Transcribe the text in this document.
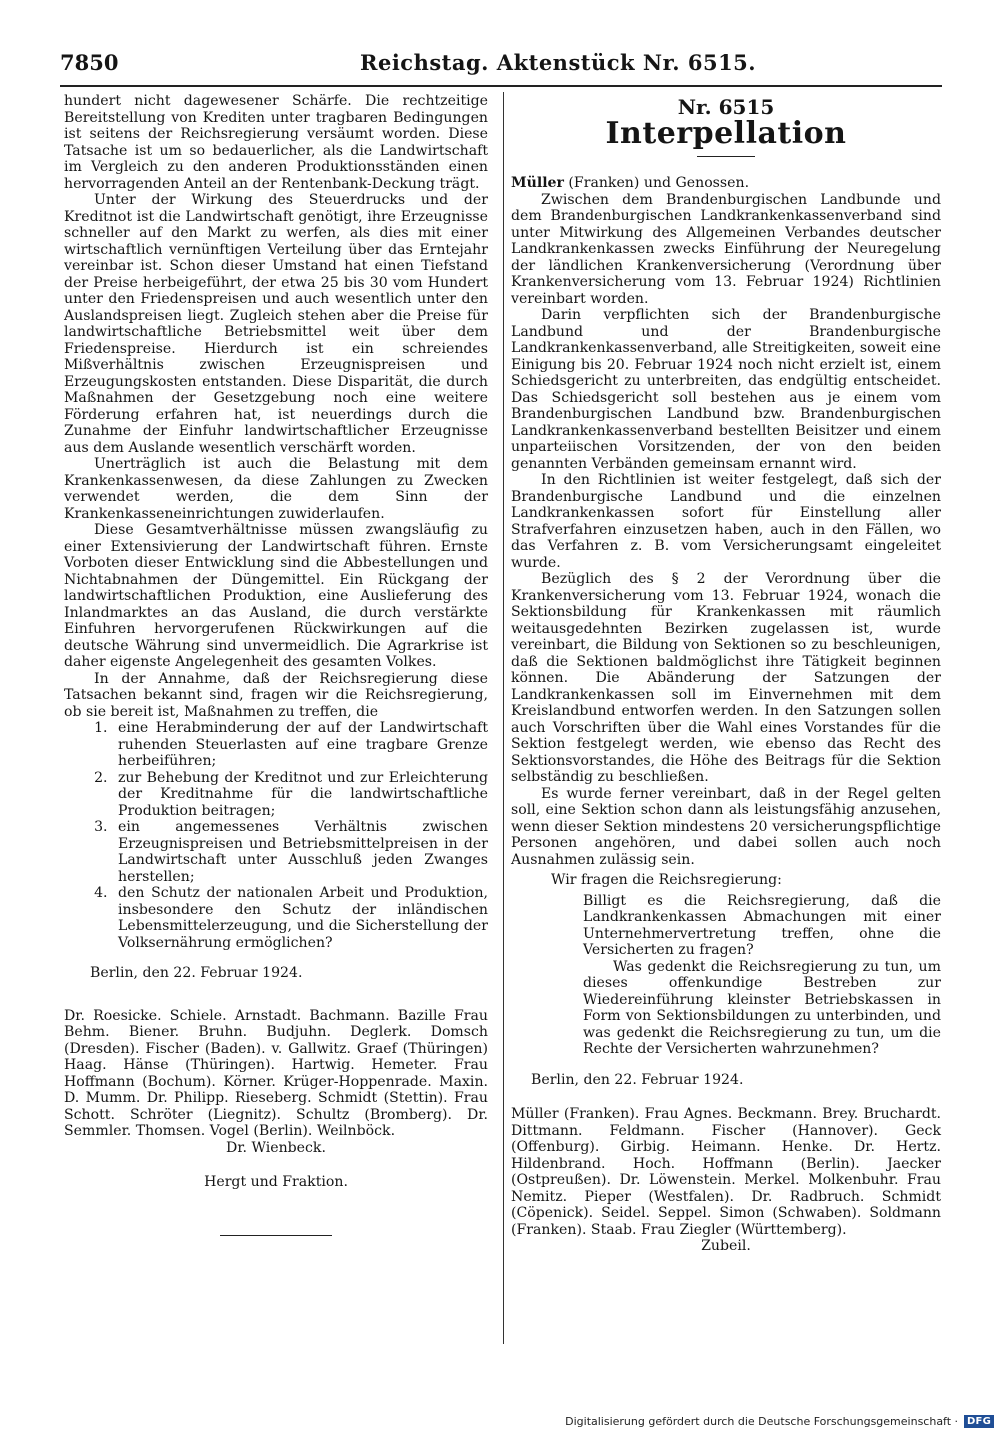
7850	Reichstag. Aktenstück Nr. 6515.

hundert nicht dagewesener Schärfe. Die rechtzeitige Bereitstellung von Krediten unter tragbaren Bedingungen ist seitens der Reichsregierung versäumt worden. Diese Tatsache ist um so bedauerlicher, als die Landwirtschaft im Vergleich zu den anderen Produktionsständen einen hervorragenden Anteil an der Rentenbank-Deckung trägt.

Unter der Wirkung des Steuerdrucks und der Kreditnot ist die Landwirtschaft genötigt, ihre Erzeugnisse schneller auf den Markt zu werfen, als dies mit einer wirtschaftlich vernünftigen Verteilung über das Erntejahr vereinbar ist. Schon dieser Umstand hat einen Tiefstand der Preise herbeigeführt, der etwa 25 bis 30 vom Hundert unter den Friedenspreisen und auch wesentlich unter den Auslandspreisen liegt. Zugleich stehen aber die Preise für landwirtschaftliche Betriebsmittel weit über dem Friedenspreise. Hierdurch ist ein schreiendes Mißverhältnis zwischen Erzeugnispreisen und Erzeugungskosten entstanden. Diese Disparität, die durch Maßnahmen der Gesetzgebung noch eine weitere Förderung erfahren hat, ist neuerdings durch die Zunahme der Einfuhr landwirtschaftlicher Erzeugnisse aus dem Auslande wesentlich verschärft worden.

Unerträglich ist auch die Belastung mit dem Krankenkassenwesen, da diese Zahlungen zu Zwecken verwendet werden, die dem Sinn der Krankenkasseneinrichtungen zuwiderlaufen.

Diese Gesamtverhältnisse müssen zwangsläufig zu einer Extensivierung der Landwirtschaft führen. Ernste Vorboten dieser Entwicklung sind die Abbestellungen und Nichtabnahmen der Düngemittel. Ein Rückgang der landwirtschaftlichen Produktion, eine Auslieferung des Inlandmarktes an das Ausland, die durch verstärkte Einfuhren hervorgerufenen Rückwirkungen auf die deutsche Währung sind unvermeidlich. Die Agrarkrise ist daher eigenste Angelegenheit des gesamten Volkes.

In der Annahme, daß der Reichsregierung diese Tatsachen bekannt sind, fragen wir die Reichsregierung, ob sie bereit ist, Maßnahmen zu treffen, die

1. eine Herabminderung der auf der Landwirtschaft ruhenden Steuerlasten auf eine tragbare Grenze herbeiführen;
2. zur Behebung der Kreditnot und zur Erleichterung der Kreditnahme für die landwirtschaftliche Produktion beitragen;
3. ein angemessenes Verhältnis zwischen Erzeugnispreisen und Betriebsmittelpreisen in der Landwirtschaft unter Ausschluß jeden Zwanges herstellen;
4. den Schutz der nationalen Arbeit und Produktion, insbesondere den Schutz der inländischen Lebensmittelerzeugung, und die Sicherstellung der Volksernährung ermöglichen?

Berlin, den 22. Februar 1924.

Dr. Roesicke. Schiele. Arnstadt. Bachmann. Bazille Frau Behm. Biener. Bruhn. Budjuhn. Deglerk. Domsch (Dresden). Fischer (Baden). v. Gallwitz. Graef (Thüringen) Haag. Hänse (Thüringen). Hartwig. Hemeter. Frau Hoffmann (Bochum). Körner. Krüger-Hoppenrade. Maxin. D. Mumm. Dr. Philipp. Rieseberg. Schmidt (Stettin). Frau Schott. Schröter (Liegnitz). Schultz (Bromberg). Dr. Semmler. Thomsen. Vogel (Berlin). Weilnböck.

Dr. Wienbeck.

Hergt und Fraktion.

Nr. 6515
Interpellation

Müller (Franken) und Genossen.

Zwischen dem Brandenburgischen Landbunde und dem Brandenburgischen Landkrankenkassenverband sind unter Mitwirkung des Allgemeinen Verbandes deutscher Landkrankenkassen zwecks Einführung der Neuregelung der ländlichen Krankenversicherung (Verordnung über Krankenversicherung vom 13. Februar 1924) Richtlinien vereinbart worden.

Darin verpflichten sich der Brandenburgische Landbund und der Brandenburgische Landkrankenkassenverband, alle Streitigkeiten, soweit eine Einigung bis 20. Februar 1924 noch nicht erzielt ist, einem Schiedsgericht zu unterbreiten, das endgültig entscheidet. Das Schiedsgericht soll bestehen aus je einem vom Brandenburgischen Landbund bzw. Brandenburgischen Landkrankenkassenverband bestellten Beisitzer und einem unparteiischen Vorsitzenden, der von den beiden genannten Verbänden gemeinsam ernannt wird.

In den Richtlinien ist weiter festgelegt, daß sich der Brandenburgische Landbund und die einzelnen Landkrankenkassen sofort für Einstellung aller Strafverfahren einzusetzen haben, auch in den Fällen, wo das Verfahren z. B. vom Versicherungsamt eingeleitet wurde.

Bezüglich des § 2 der Verordnung über die Krankenversicherung vom 13. Februar 1924, wonach die Sektionsbildung für Krankenkassen mit räumlich weitausgedehnten Bezirken zugelassen ist, wurde vereinbart, die Bildung von Sektionen so zu beschleunigen, daß die Sektionen baldmöglichst ihre Tätigkeit beginnen können. Die Abänderung der Satzungen der Landkrankenkassen soll im Einvernehmen mit dem Kreislandbund entworfen werden. In den Satzungen sollen auch Vorschriften über die Wahl eines Vorstandes für die Sektion festgelegt werden, wie ebenso das Recht des Sektionsvorstandes, die Höhe des Beitrags für die Sektion selbständig zu beschließen.

Es wurde ferner vereinbart, daß in der Regel gelten soll, eine Sektion schon dann als leistungsfähig anzusehen, wenn dieser Sektion mindestens 20 versicherungspflichtige Personen angehören, und dabei sollen auch noch Ausnahmen zulässig sein.

Wir fragen die Reichsregierung:

Billigt es die Reichsregierung, daß die Landkrankenkassen Abmachungen mit einer Unternehmervertretung treffen, ohne die Versicherten zu fragen?

Was gedenkt die Reichsregierung zu tun, um dieses offenkundige Bestreben zur Wiedereinführung kleinster Betriebskassen in Form von Sektionsbildungen zu unterbinden, und was gedenkt die Reichsregierung zu tun, um die Rechte der Versicherten wahrzunehmen?

Berlin, den 22. Februar 1924.

Müller (Franken). Frau Agnes. Beckmann. Brey. Bruchardt. Dittmann. Feldmann. Fischer (Hannover). Geck (Offenburg). Girbig. Heimann. Henke. Dr. Hertz. Hildenbrand. Hoch. Hoffmann (Berlin). Jaecker (Ostpreußen). Dr. Löwenstein. Merkel. Molkenbuhr. Frau Nemitz. Pieper (Westfalen). Dr. Radbruch. Schmidt (Cöpenick). Seidel. Seppel. Simon (Schwaben). Soldmann (Franken). Staab. Frau Ziegler (Württemberg).

Zubeil.

Digitalisierung gefördert durch die Deutsche Forschungsgemeinschaft · DFG
